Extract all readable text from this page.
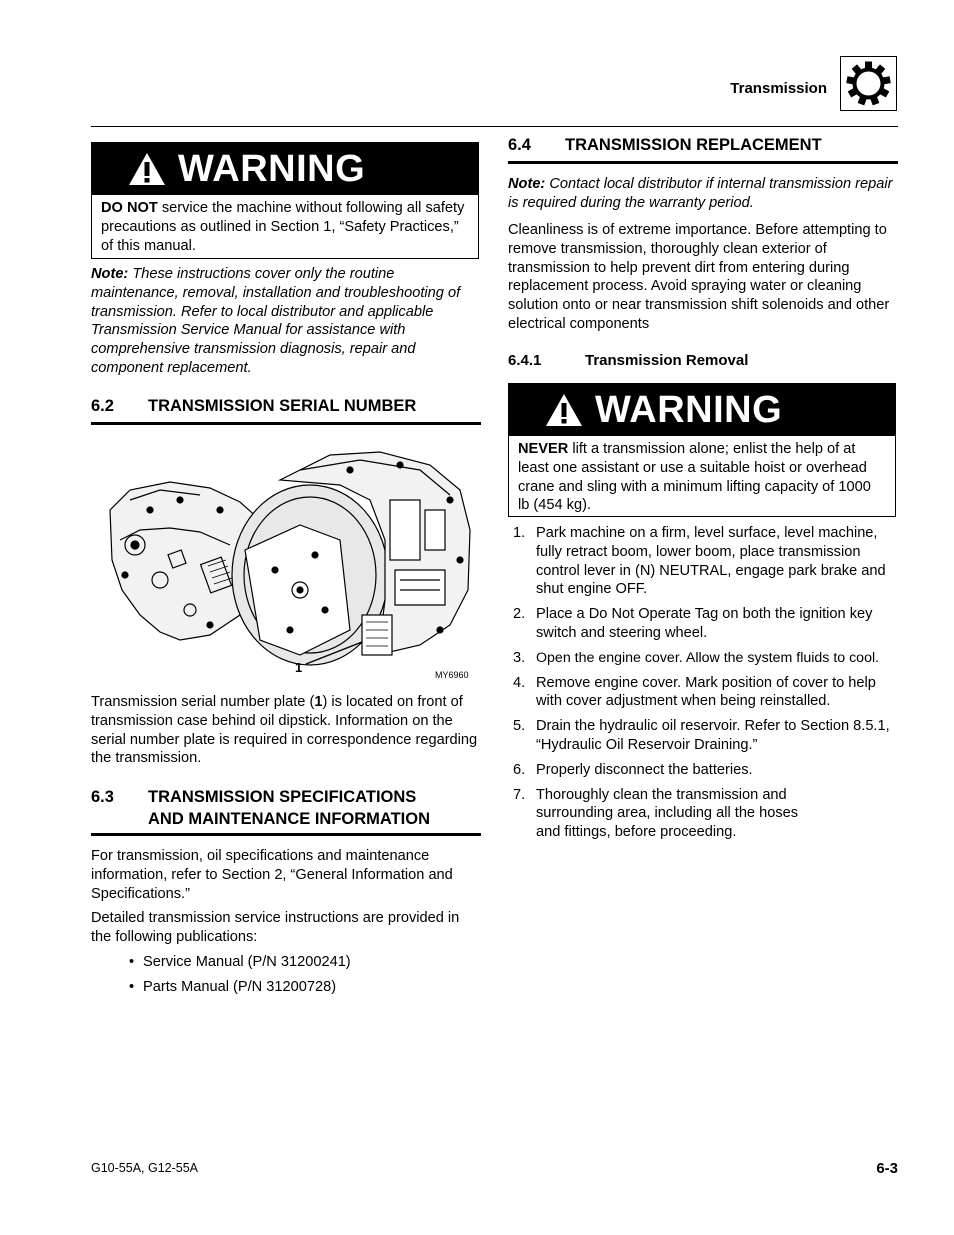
Transmission
WARNING
DO NOT service the machine without following all safety precautions as outlined in Section 1, “Safety Practices,” of this manual.
Note: These instructions cover only the routine maintenance, removal, installation and troubleshooting of transmission. Refer to local distributor and applicable Transmission Service Manual for assistance with comprehensive transmission diagnosis, repair and component replacement.
6.2 TRANSMISSION SERIAL NUMBER
1	MY6960
Transmission serial number plate (1) is located on front of transmission case behind oil dipstick. Information on the serial number plate is required in correspondence regarding the transmission.
6.3 TRANSMISSION SPECIFICATIONS
AND MAINTENANCE INFORMATION
For transmission, oil specifications and maintenance information, refer to Section 2, “General Information and Specifications.”
Detailed transmission service instructions are provided in the following publications:
• Service Manual (P/N 31200241)
• Parts Manual (P/N 31200728)
6.4 TRANSMISSION REPLACEMENT
Note: Contact local distributor if internal transmission repair is required during the warranty period.
Cleanliness is of extreme importance. Before attempting to remove transmission, thoroughly clean exterior of transmission to help prevent dirt from entering during replacement process. Avoid spraying water or cleaning solution onto or near transmission shift solenoids and other electrical components
6.4.1	Transmission Removal
WARNING
NEVER lift a transmission alone; enlist the help of at least one assistant or use a suitable hoist or overhead crane and sling with a minimum lifting capacity of 1000 lb (454 kg).
1. Park machine on a firm, level surface, level machine, fully retract boom, lower boom, place transmission control lever in (N) NEUTRAL, engage park brake and shut engine OFF.
2. Place a Do Not Operate Tag on both the ignition key switch and steering wheel.
3. Open the engine cover. Allow the system fluids to cool.
4. Remove engine cover. Mark position of cover to help with cover adjustment when being reinstalled.
5. Drain the hydraulic oil reservoir. Refer to Section 8.5.1, “Hydraulic Oil Reservoir Draining.”
6. Properly disconnect the batteries.
7. Thoroughly clean the transmission and surrounding area, including all the hoses and fittings, before proceeding.
G10-55A, G12-55A	6-3
